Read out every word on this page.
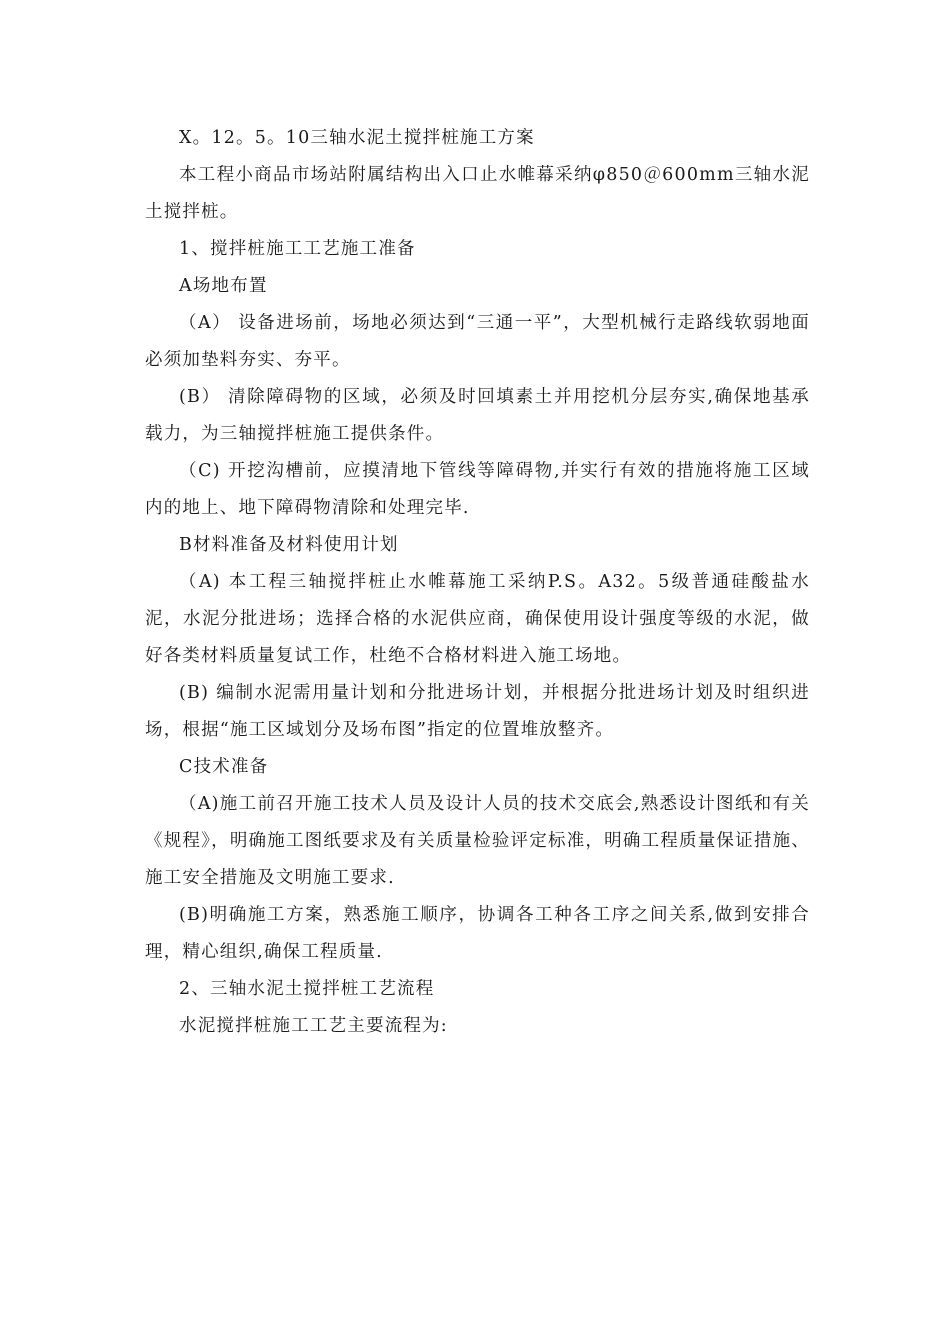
X。12。5。10三轴水泥土搅拌桩施工方案

本工程小商品市场站附属结构出入口止水帷幕采纳φ850＠600mm三轴水泥土搅拌桩。

1、搅拌桩施工工艺施工准备

A场地布置

（A） 设备进场前，场地必须达到“三通一平”，大型机械行走路线软弱地面必须加垫料夯实、夯平。

(B） 清除障碍物的区域，必须及时回填素土并用挖机分层夯实,确保地基承载力，为三轴搅拌桩施工提供条件。

（C) 开挖沟槽前，应摸清地下管线等障碍物,并实行有效的措施将施工区域内的地上、地下障碍物清除和处理完毕.

B材料准备及材料使用计划

（A) 本工程三轴搅拌桩止水帷幕施工采纳P.S。A32。5级普通硅酸盐水泥，水泥分批进场；选择合格的水泥供应商，确保使用设计强度等级的水泥，做好各类材料质量复试工作，杜绝不合格材料进入施工场地。

(B) 编制水泥需用量计划和分批进场计划，并根据分批进场计划及时组织进场，根据“施工区域划分及场布图”指定的位置堆放整齐。

C技术准备

（A)施工前召开施工技术人员及设计人员的技术交底会,熟悉设计图纸和有关《规程》，明确施工图纸要求及有关质量检验评定标准，明确工程质量保证措施、施工安全措施及文明施工要求.

(B)明确施工方案，熟悉施工顺序，协调各工种各工序之间关系,做到安排合理，精心组织,确保工程质量.

2、三轴水泥土搅拌桩工艺流程

水泥搅拌桩施工工艺主要流程为:
